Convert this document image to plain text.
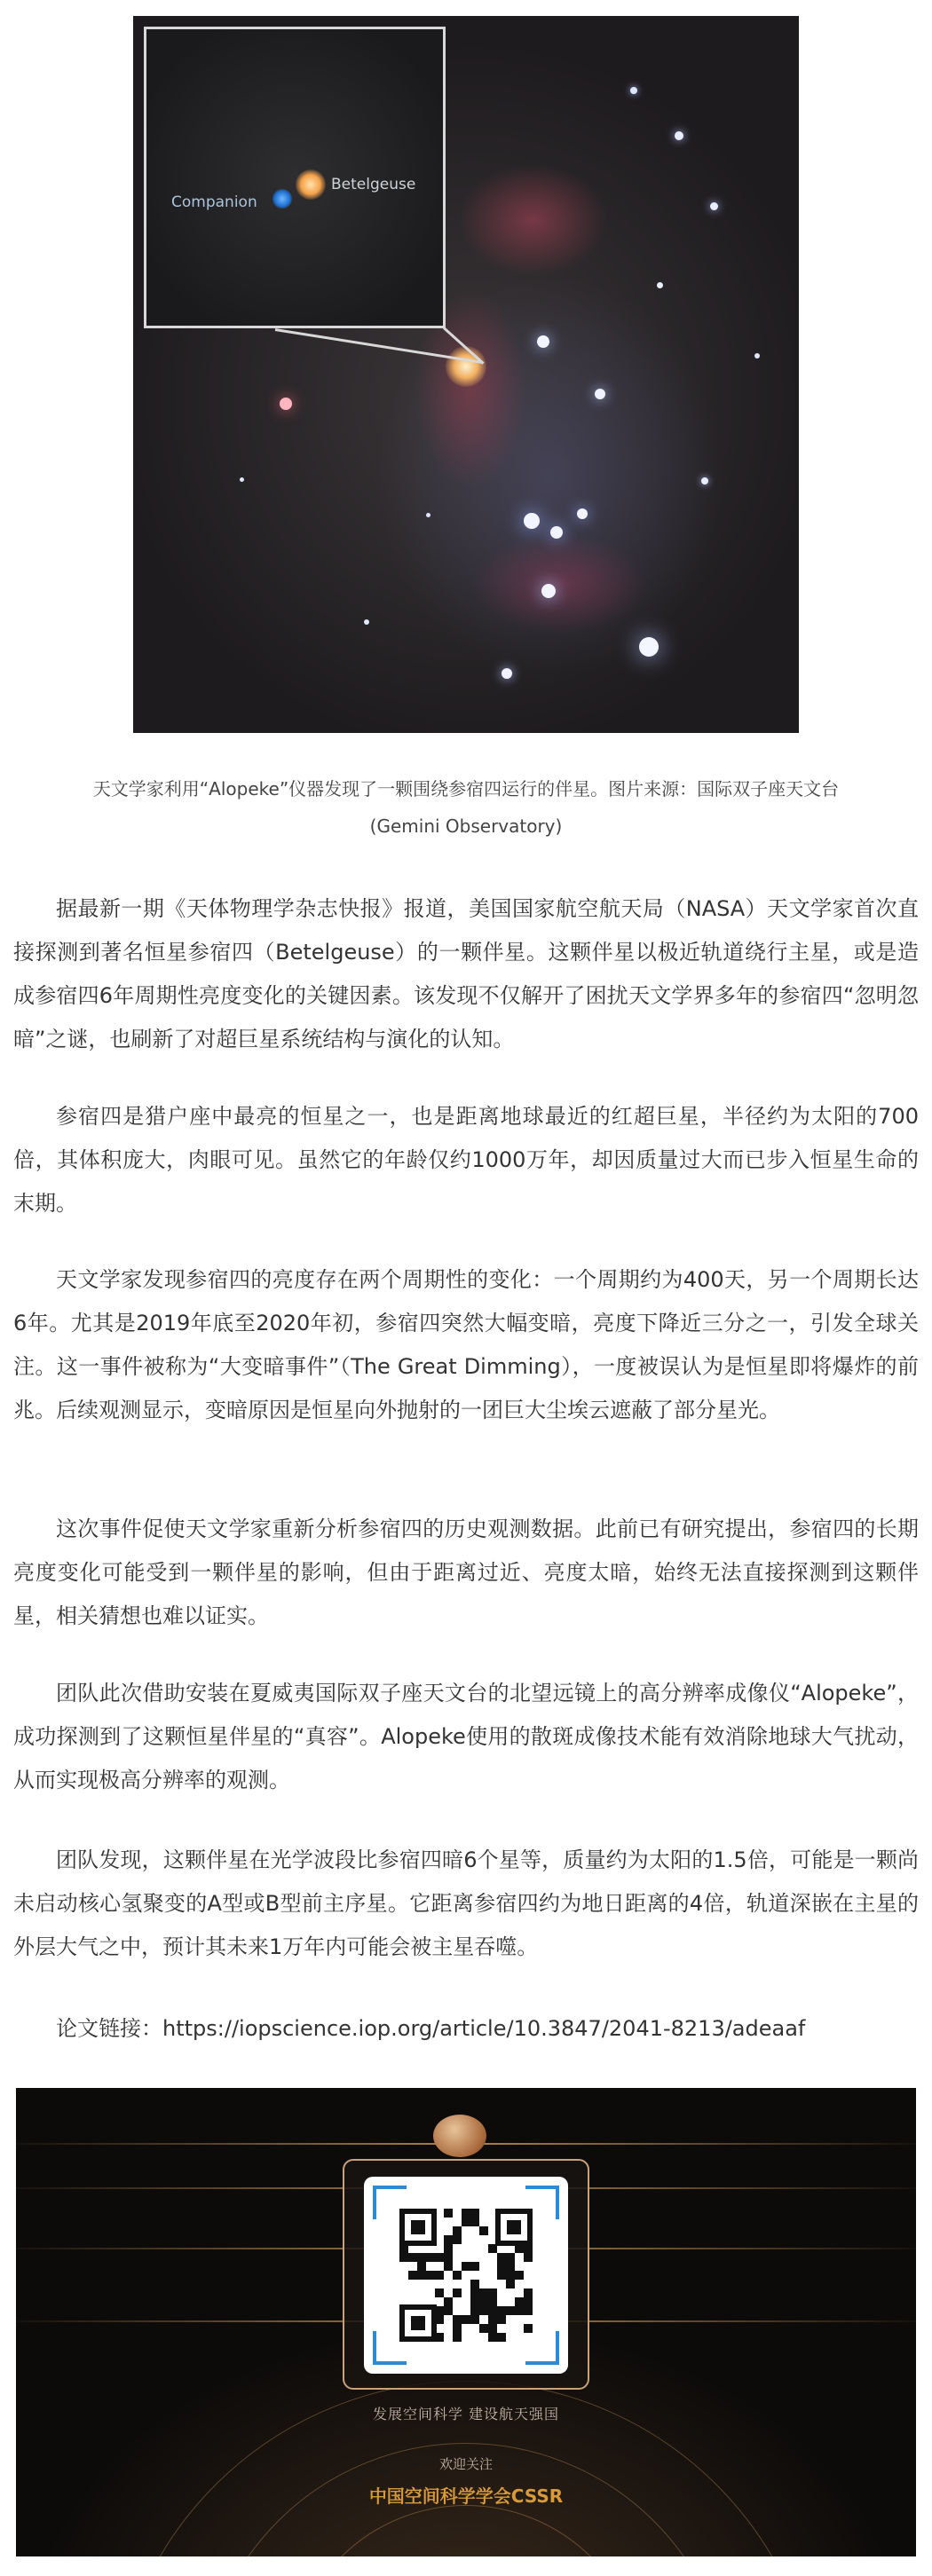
Betelgeuse
Companion
天文学家利用“Alopeke”仪器发现了一颗围绕参宿四运行的伴星。图片来源：国际双子座天文台
(Gemini Observatory)

据最新一期《天体物理学杂志快报》报道，美国国家航空航天局（NASA）天文学家首次直接探测到著名恒星参宿四（Betelgeuse）的一颗伴星。这颗伴星以极近轨道绕行主星，或是造成参宿四6年周期性亮度变化的关键因素。该发现不仅解开了困扰天文学界多年的参宿四“忽明忽暗”之谜，也刷新了对超巨星系统结构与演化的认知。

参宿四是猎户座中最亮的恒星之一，也是距离地球最近的红超巨星，半径约为太阳的700倍，其体积庞大，肉眼可见。虽然它的年龄仅约1000万年，却因质量过大而已步入恒星生命的末期。

天文学家发现参宿四的亮度存在两个周期性的变化：一个周期约为400天，另一个周期长达6年。尤其是2019年底至2020年初，参宿四突然大幅变暗，亮度下降近三分之一，引发全球关注。这一事件被称为“大变暗事件”（The Great Dimming），一度被误认为是恒星即将爆炸的前兆。后续观测显示，变暗原因是恒星向外抛射的一团巨大尘埃云遮蔽了部分星光。

这次事件促使天文学家重新分析参宿四的历史观测数据。此前已有研究提出，参宿四的长期亮度变化可能受到一颗伴星的影响，但由于距离过近、亮度太暗，始终无法直接探测到这颗伴星，相关猜想也难以证实。

团队此次借助安装在夏威夷国际双子座天文台的北望远镜上的高分辨率成像仪“Alopeke”，成功探测到了这颗恒星伴星的“真容”。Alopeke使用的散斑成像技术能有效消除地球大气扰动，从而实现极高分辨率的观测。

团队发现，这颗伴星在光学波段比参宿四暗6个星等，质量约为太阳的1.5倍，可能是一颗尚未启动核心氢聚变的A型或B型前主序星。它距离参宿四约为地日距离的4倍，轨道深嵌在主星的外层大气之中，预计其未来1万年内可能会被主星吞噬。

论文链接：https://iopscience.iop.org/article/10.3847/2041-8213/adeaaf

发展空间科学 建设航天强国
欢迎关注
中国空间科学学会CSSR
